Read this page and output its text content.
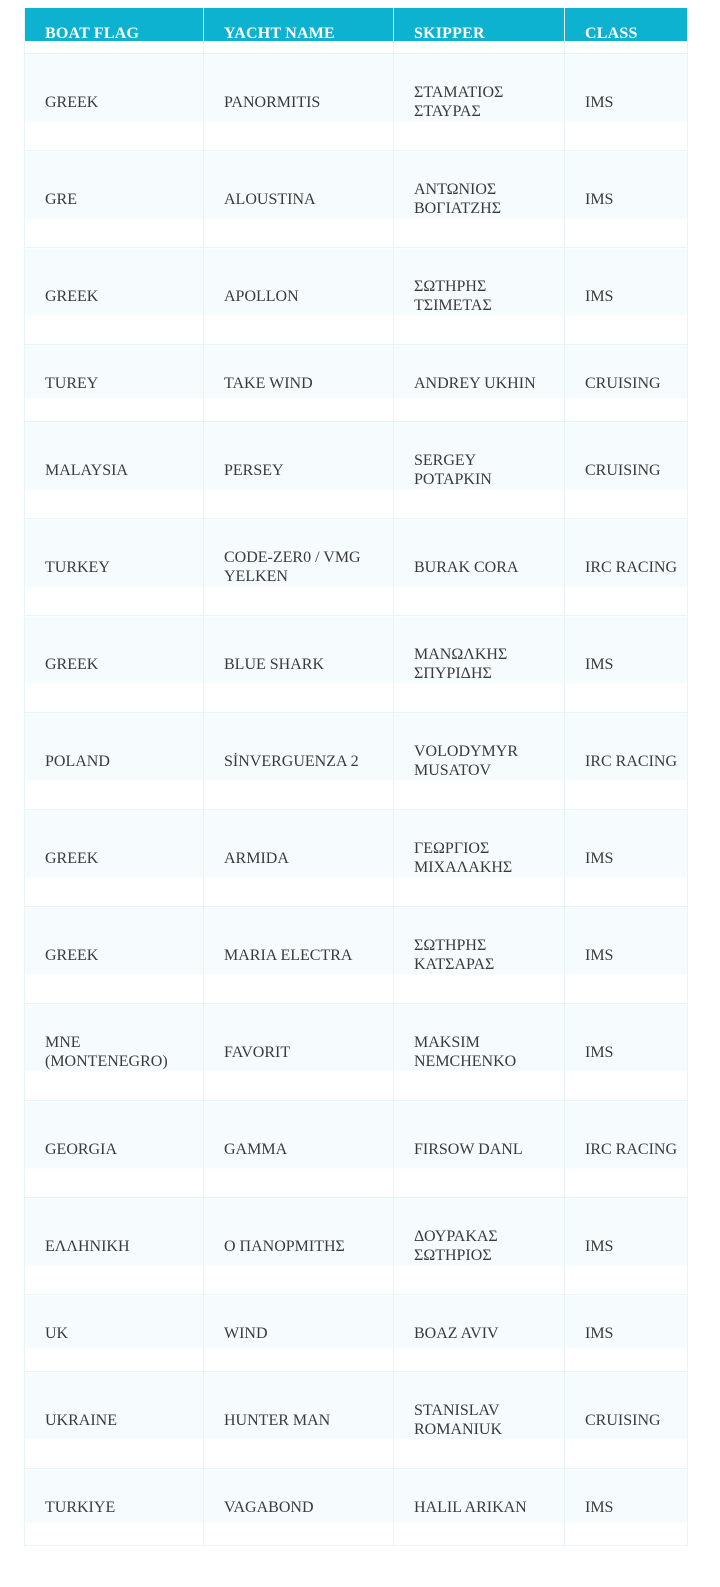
BOAT FLAG	YACHT NAME	SKIPPER	CLASS

GREEK	PANORMITIS	ΣΤΑΜΑΤΙΟΣ ΣΤΑΥΡΑΣ	IMS
GRE	ALOUSTINA	ΑΝΤΩΝΙΟΣ ΒΟΓΙΑΤΖΗΣ	IMS
GREEK	APOLLON	ΣΩΤΗΡΗΣ ΤΣΙΜΕΤΑΣ	IMS
TUREY	TAKE WIND	ANDREY UKHIN	CRUISING
MALAYSIA	PERSEY	SERGEY POTAPKIN	CRUISING
TURKEY	CODE-ZER0 / VMG YELKEN	BURAK CORA	IRC RACING
GREEK	BLUE SHARK	ΜΑΝΩΛΚΗΣ ΣΠΥΡΙΔΗΣ	IMS
POLAND	SİNVERGUENZA 2	VOLODYMYR MUSATOV	IRC RACING
GREEK	ARMIDA	ΓΕΩΡΓΙΟΣ ΜΙΧΑΛΑΚΗΣ	IMS
GREEK	MARIA ELECTRA	ΣΩΤΗΡΗΣ ΚΑΤΣΑΡΑΣ	IMS
MNE (MONTENEGRO)	FAVORIT	MAKSIM NEMCHENKO	IMS
GEORGIA	GAMMA	FIRSOW DANL	IRC RACING
ΕΛΛΗΝΙΚΗ	Ο ΠΑΝΟΡΜΙΤΗΣ	ΔΟΥΡΑΚΑΣ ΣΩΤΗΡΙΟΣ	IMS
UK	WIND	BOAZ AVIV	IMS
UKRAINE	HUNTER MAN	STANISLAV ROMANIUK	CRUISING
TURKIYE	VAGABOND	HALIL ARIKAN	IMS
